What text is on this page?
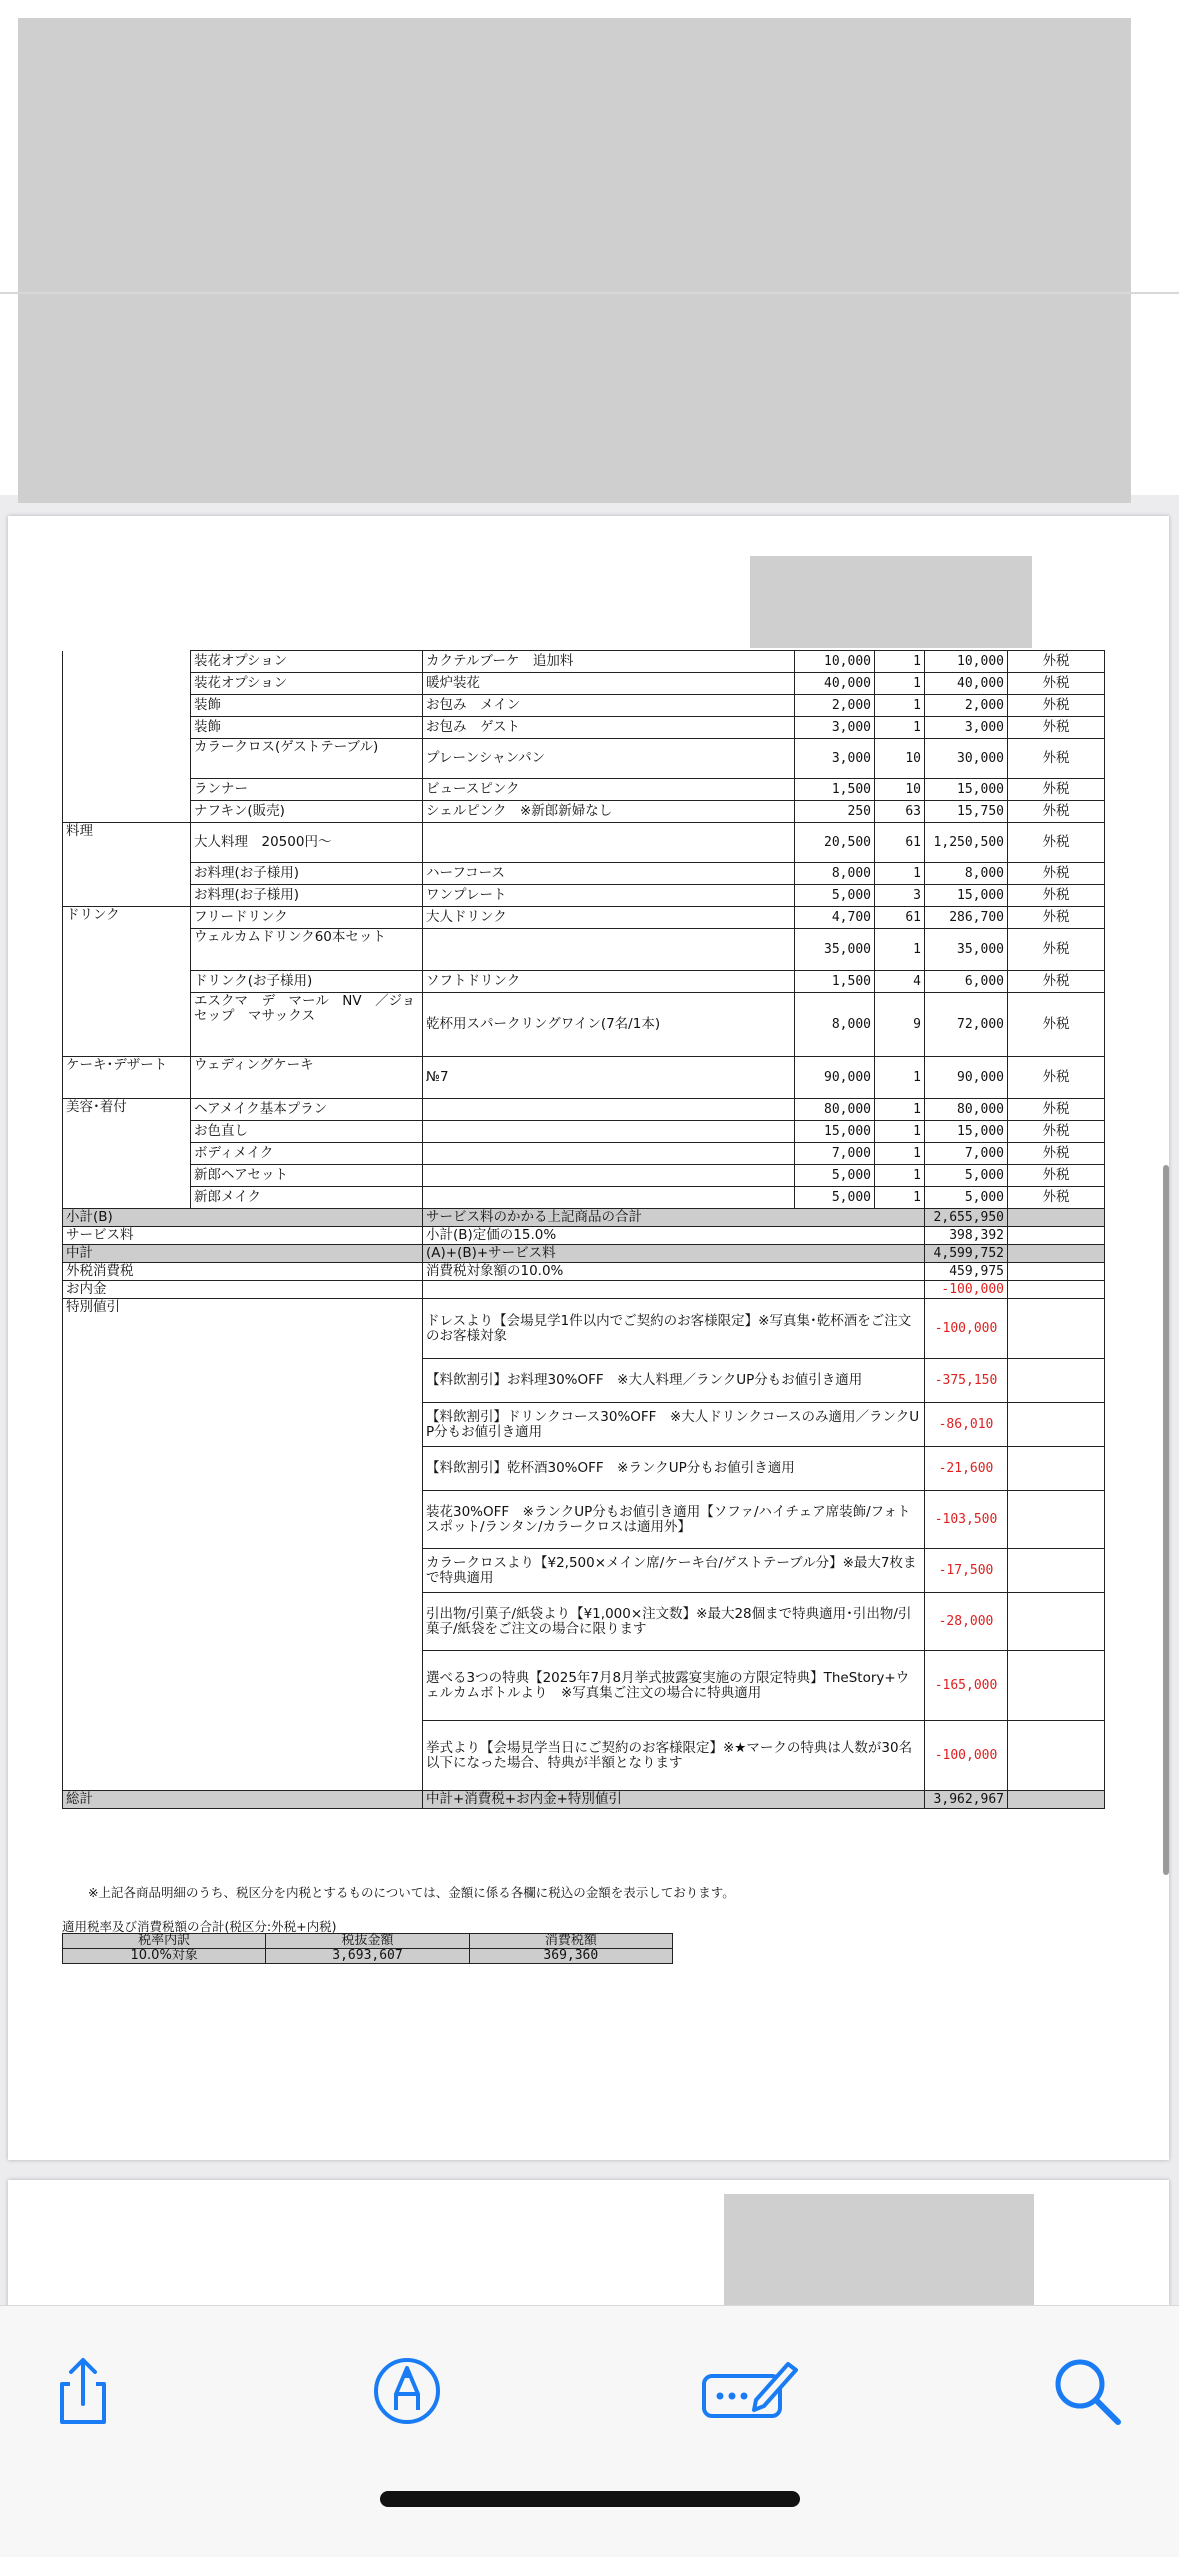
	装花オプション	カクテルブーケ　追加料	10,000	1	10,000	外税
	装花オプション	暖炉装花	40,000	1	40,000	外税
	装飾	お包み　メイン	2,000	1	2,000	外税
	装飾	お包み　ゲスト	3,000	1	3,000	外税
	カラークロス(ゲストテーブル)	プレーンシャンパン	3,000	10	30,000	外税
	ランナー	ビュースピンク	1,500	10	15,000	外税
	ナフキン(販売)	シェルピンク　※新郎新婦なし	250	63	15,750	外税
料理	大人料理　20500円～		20,500	61	1,250,500	外税
	お料理(お子様用)	ハーフコース	8,000	1	8,000	外税
	お料理(お子様用)	ワンプレート	5,000	3	15,000	外税
ドリンク	フリードリンク	大人ドリンク	4,700	61	286,700	外税
	ウェルカムドリンク60本セット		35,000	1	35,000	外税
	ドリンク(お子様用)	ソフトドリンク	1,500	4	6,000	外税
	エスクマ　デ　マール　NV　／ジョセップ　マサックス	乾杯用スパークリングワイン(7名/1本)	8,000	9	72,000	外税
ケーキ･デザート	ウェディングケーキ	№7	90,000	1	90,000	外税
美容･着付	ヘアメイク基本プラン		80,000	1	80,000	外税
	お色直し		15,000	1	15,000	外税
	ボディメイク		7,000	1	7,000	外税
	新郎ヘアセット		5,000	1	5,000	外税
	新郎メイク		5,000	1	5,000	外税
小計(B)		サービス料のかかる上記商品の合計			2,655,950	
サービス料		小計(B)定価の15.0%			398,392	
中計		(A)+(B)+サービス料			4,599,752	
外税消費税		消費税対象額の10.0%			459,975	
お内金					-100,000	
特別値引		ドレスより【会場見学1件以内でご契約のお客様限定】※写真集･乾杯酒をご注文のお客様対象			-100,000	
		【料飲割引】お料理30%OFF　※大人料理／ランクUP分もお値引き適用			-375,150	
		【料飲割引】ドリンクコース30%OFF　※大人ドリンクコースのみ適用／ランクUP分もお値引き適用			-86,010	
		【料飲割引】乾杯酒30%OFF　※ランクUP分もお値引き適用			-21,600	
		装花30%OFF　※ランクUP分もお値引き適用【ソファ/ハイチェア席装飾/フォトスポット/ランタン/カラークロスは適用外】			-103,500	
		カラークロスより【¥2,500×メイン席/ケーキ台/ゲストテーブル分】※最大7枚まで特典適用			-17,500	
		引出物/引菓子/紙袋より【¥1,000×注文数】※最大28個まで特典適用･引出物/引菓子/紙袋をご注文の場合に限ります			-28,000	
		選べる3つの特典【2025年7月8月挙式披露宴実施の方限定特典】TheStory+ウェルカムボトルより　※写真集ご注文の場合に特典適用			-165,000	
		挙式より【会場見学当日にご契約のお客様限定】※★マークの特典は人数が30名以下になった場合、特典が半額となります			-100,000	
総計		中計+消費税+お内金+特別値引			3,962,967	
※上記各商品明細のうち、税区分を内税とするものについては、金額に係る各欄に税込の金額を表示しております。
適用税率及び消費税額の合計(税区分:外税+内税)
税率内訳	税抜金額	消費税額
10.0%対象	3,693,607	369,360
